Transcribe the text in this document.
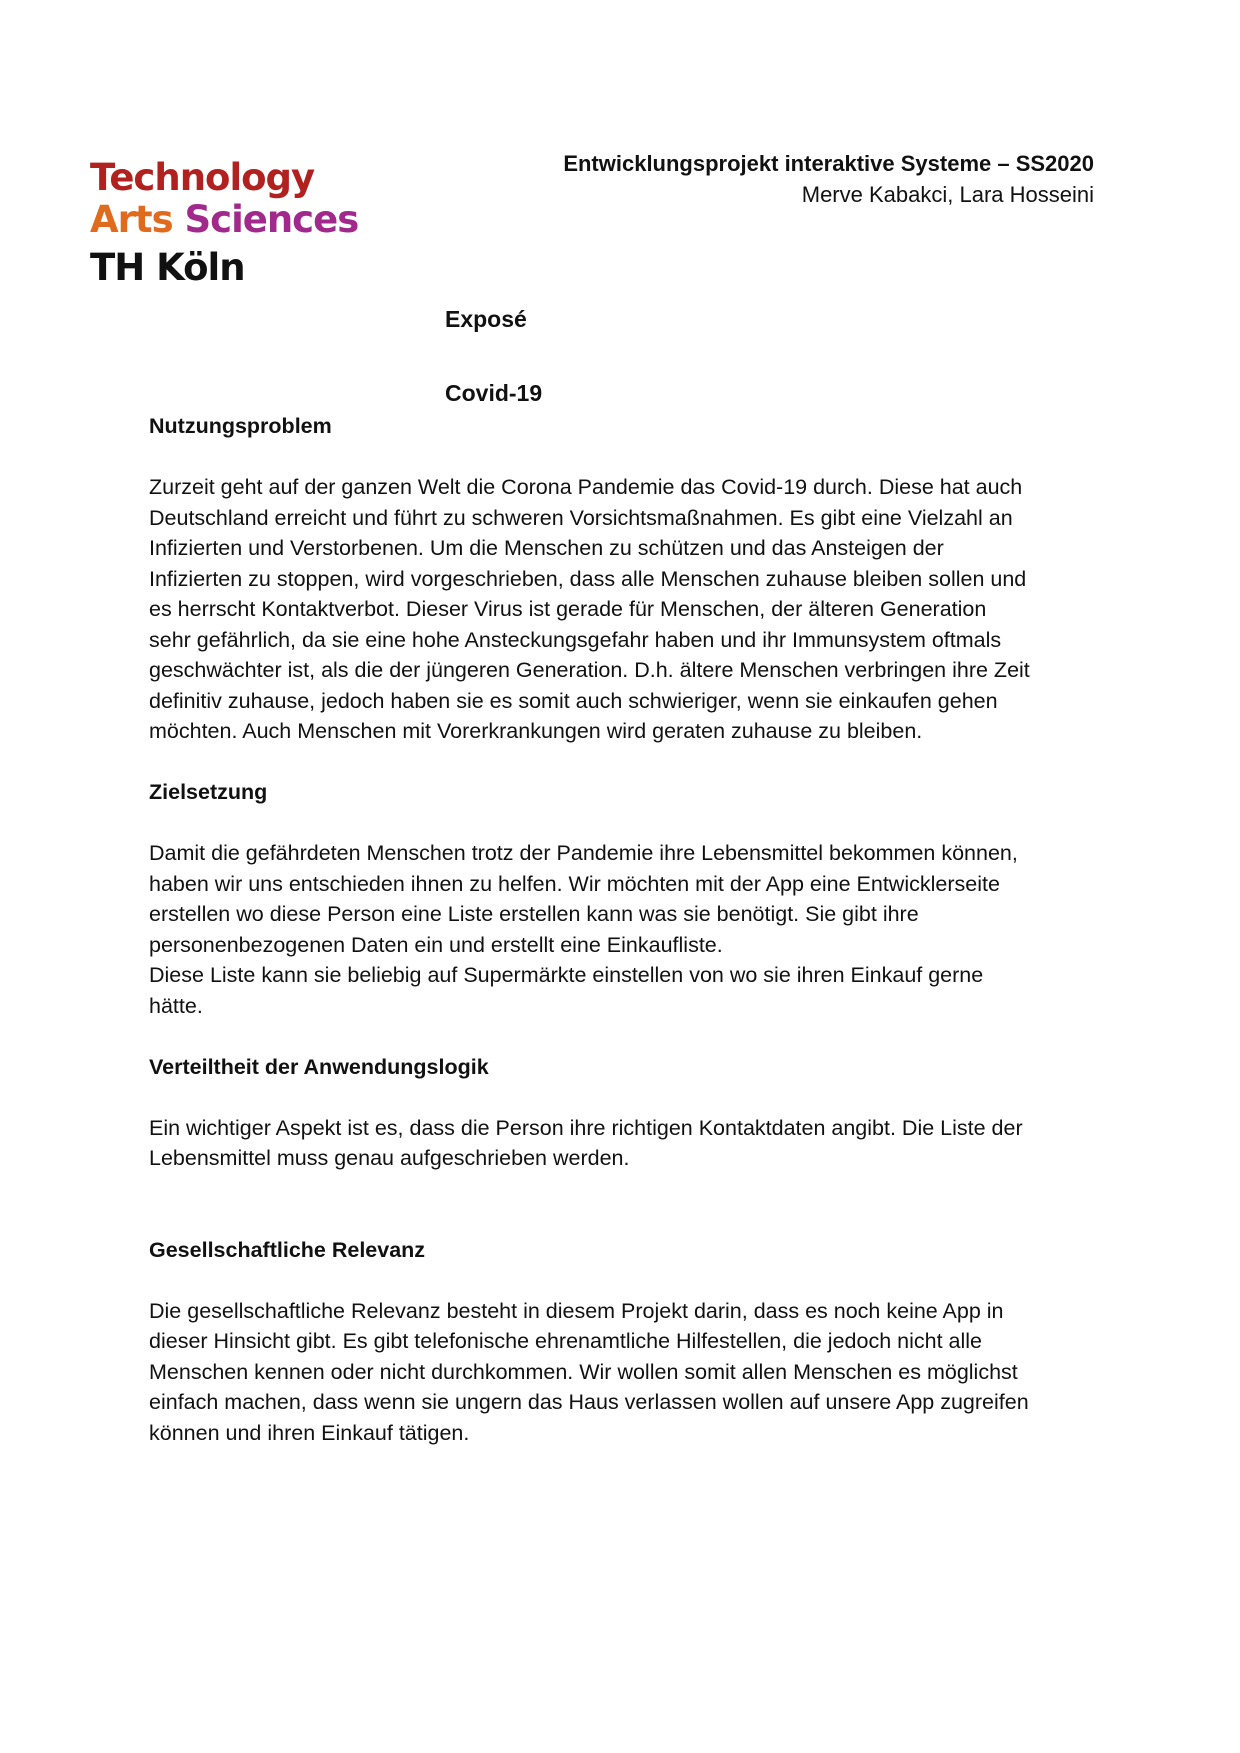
Technology
Arts Sciences
TH Köln
Entwicklungsprojekt interaktive Systeme – SS2020
Merve Kabakci, Lara Hosseini
Exposé
Covid-19

Nutzungsproblem

Zurzeit geht auf der ganzen Welt die Corona Pandemie das Covid-19 durch. Diese hat auch
Deutschland erreicht und führt zu schweren Vorsichtsmaßnahmen. Es gibt eine Vielzahl an
Infizierten und Verstorbenen. Um die Menschen zu schützen und das Ansteigen der
Infizierten zu stoppen, wird vorgeschrieben, dass alle Menschen zuhause bleiben sollen und
es herrscht Kontaktverbot. Dieser Virus ist gerade für Menschen, der älteren Generation
sehr gefährlich, da sie eine hohe Ansteckungsgefahr haben und ihr Immunsystem oftmals
geschwächter ist, als die der jüngeren Generation. D.h. ältere Menschen verbringen ihre Zeit
definitiv zuhause, jedoch haben sie es somit auch schwieriger, wenn sie einkaufen gehen
möchten. Auch Menschen mit Vorerkrankungen wird geraten zuhause zu bleiben.

Zielsetzung

Damit die gefährdeten Menschen trotz der Pandemie ihre Lebensmittel bekommen können,
haben wir uns entschieden ihnen zu helfen. Wir möchten mit der App eine Entwicklerseite
erstellen wo diese Person eine Liste erstellen kann was sie benötigt. Sie gibt ihre
personenbezogenen Daten ein und erstellt eine Einkaufliste.
Diese Liste kann sie beliebig auf Supermärkte einstellen von wo sie ihren Einkauf gerne
hätte.

Verteiltheit der Anwendungslogik

Ein wichtiger Aspekt ist es, dass die Person ihre richtigen Kontaktdaten angibt. Die Liste der
Lebensmittel muss genau aufgeschrieben werden.

Gesellschaftliche Relevanz

Die gesellschaftliche Relevanz besteht in diesem Projekt darin, dass es noch keine App in
dieser Hinsicht gibt. Es gibt telefonische ehrenamtliche Hilfestellen, die jedoch nicht alle
Menschen kennen oder nicht durchkommen. Wir wollen somit allen Menschen es möglichst
einfach machen, dass wenn sie ungern das Haus verlassen wollen auf unsere App zugreifen
können und ihren Einkauf tätigen.
